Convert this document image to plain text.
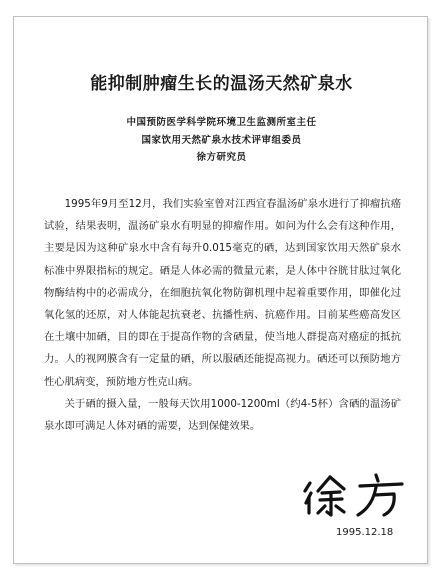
能抑制肿瘤生长的温汤天然矿泉水
中国预防医学科学院环境卫生监测所室主任
国家饮用天然矿泉水技术评审组委员
徐方研究员

1995年9月至12月，我们实验室曾对江西宜春温汤矿泉水进行了抑瘤抗癌试验，结果表明，温汤矿泉水有明显的抑瘤作用。如问为什么会有这种作用，主要是因为这种矿泉水中含有每升0.015毫克的硒，达到国家饮用天然矿泉水标准中界限指标的规定。硒是人体必需的微量元素，是人体中谷胱甘肽过氧化物酶结构中的必需成分，在细胞抗氧化物防御机理中起着重要作用，即催化过氧化氢的还原，对人体能起抗衰老、抗播性病、抗癌作用。目前某些癌高发区在土壤中加硒，目的即在于提高作物的含硒量，使当地人群提高对癌症的抵抗力。人的视网膜含有一定量的硒，所以服硒还能提高视力。硒还可以预防地方性心肌病变，预防地方性克山病。

关于硒的摄入量，一般每天饮用1000-1200ml（约4-5杯）含硒的温汤矿泉水即可满足人体对硒的需要，达到保健效果。

1995.12.18
